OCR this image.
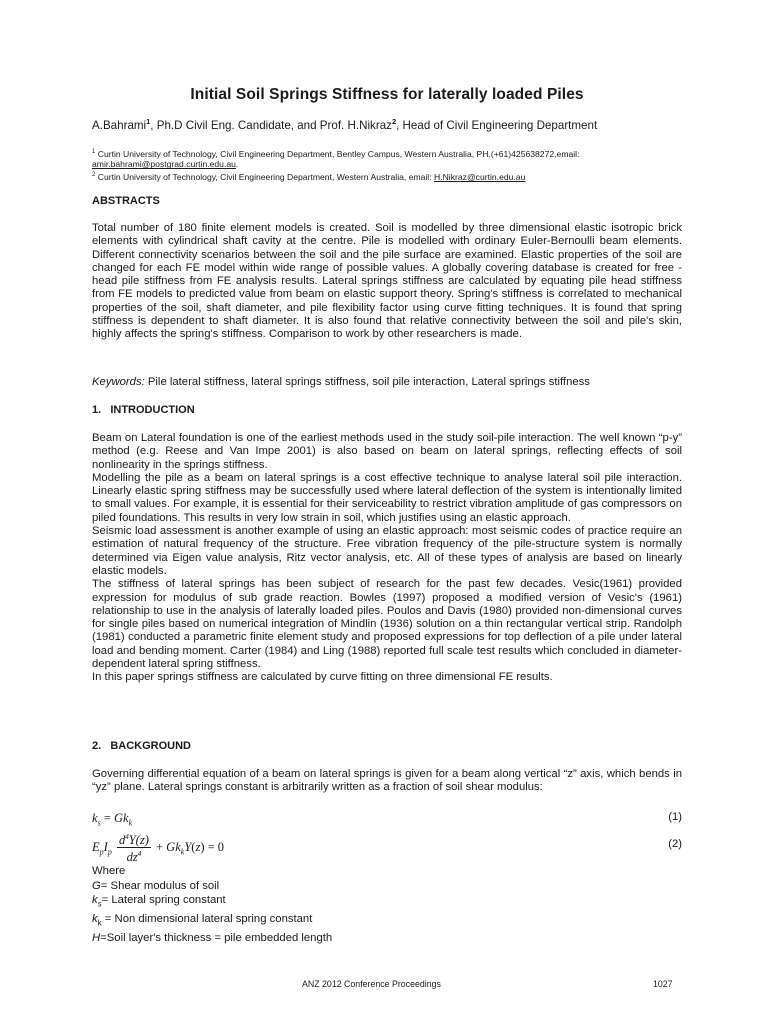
Initial Soil Springs Stiffness for laterally loaded Piles
A.Bahrami$^1$, Ph.D Civil Eng. Candidate, and Prof. H.Nikraz$^2$, Head of Civil Engineering Department
$^1$ Curtin University of Technology, Civil Engineering Department, Bentley Campus, Western Australia, PH.(+61)425638272,email: amir.bahrami@postgrad.curtin.edu.au.
$^2$ Curtin University of Technology, Civil Engineering Department, Western Australia, email: H.Nikraz@curtin.edu.au
ABSTRACTS

Total number of 180 finite element models is created. Soil is modelled by three dimensional elastic isotropic brick elements with cylindrical shaft cavity at the centre. Pile is modelled with ordinary Euler-Bernoulli beam elements. Different connectivity scenarios between the soil and the pile surface are examined. Elastic properties of the soil are changed for each FE model within wide range of possible values. A globally covering database is created for free - head pile stiffness from FE analysis results. Lateral springs stiffness are calculated by equating pile head stiffness from FE models to predicted value from beam on elastic support theory. Spring's stiffness is correlated to mechanical properties of the soil, shaft diameter, and pile flexibility factor using curve fitting techniques. It is found that spring stiffness is dependent to shaft diameter. It is also found that relative connectivity between the soil and pile's skin, highly affects the spring's stiffness. Comparison to work by other researchers is made.

Keywords: Pile lateral stiffness, lateral springs stiffness, soil pile interaction, Lateral springs stiffness
1.   INTRODUCTION
Beam on Lateral foundation is one of the earliest methods used in the study soil-pile interaction. The well known “p-y” method (e.g. Reese and Van Impe 2001) is also based on beam on lateral springs, reflecting effects of soil nonlinearity in the springs stiffness.
Modelling the pile as a beam on lateral springs is a cost effective technique to analyse lateral soil pile interaction. Linearly elastic spring stiffness may be successfully used where lateral deflection of the system is intentionally limited to small values. For example, it is essential for their serviceability to restrict vibration amplitude of gas compressors on piled foundations. This results in very low strain in soil, which justifies using an elastic approach.
Seismic load assessment is another example of using an elastic approach: most seismic codes of practice require an estimation of natural frequency of the structure. Free vibration frequency of the pile-structure system is normally determined via Eigen value analysis, Ritz vector analysis, etc. All of these types of analysis are based on linearly elastic models.
The stiffness of lateral springs has been subject of research for the past few decades. Vesic(1961) provided expression for modulus of sub grade reaction. Bowles (1997) proposed a modified version of Vesic's (1961) relationship to use in the analysis of laterally loaded piles. Poulos and Davis (1980) provided non-dimensional curves for single piles based on numerical integration of Mindlin (1936) solution on a thin rectangular vertical strip. Randolph (1981) conducted a parametric finite element study and proposed expressions for top deflection of a pile under lateral load and bending moment. Carter (1984) and Ling (1988) reported full scale test results which concluded in diameter-dependent lateral spring stiffness.
In this paper springs stiffness are calculated by curve fitting on three dimensional FE results.
2.   BACKGROUND

Governing differential equation of a beam on lateral springs is given for a beam along vertical “z” axis, which bends in “yz” plane. Lateral springs constant is arbitrarily written as a fraction of soil shear modulus:

$k_s = Gk_k$	(1)
$E_pI_p \frac{d^4Y(z)}{dz^4} + Gk_kY(z) = 0$	(2)
Where
G= Shear modulus of soil
$k_s=$ Lateral spring constant
$k_k$ = Non dimensional lateral spring constant
H=Soil layer's thickness = pile embedded length
ANZ 2012 Conference Proceedings	1027
